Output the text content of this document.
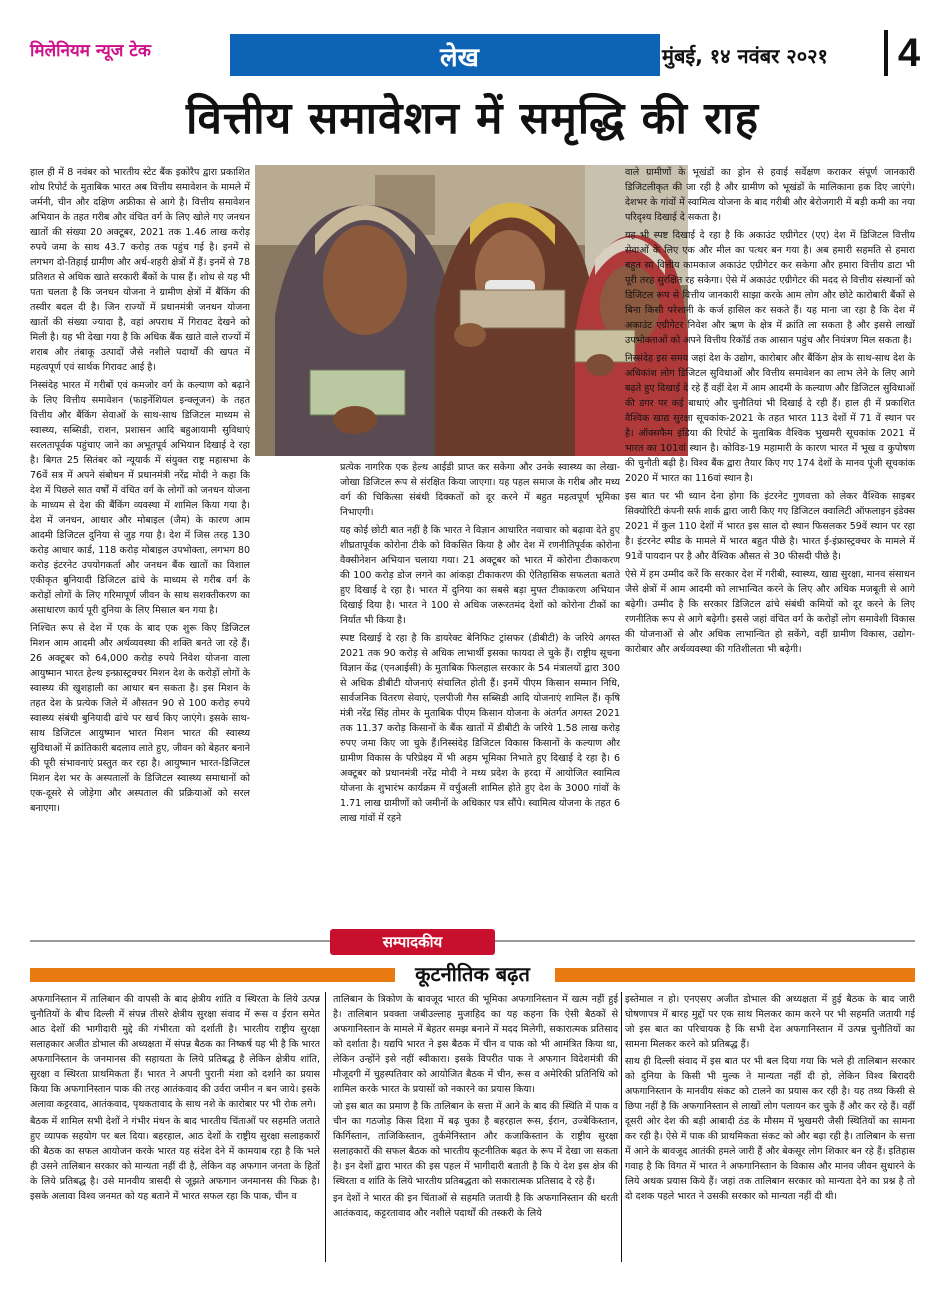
मिलेनियम न्यूज टेक	लेख	मुंबई, १४ नवंबर २०२१	4
वित्तीय समावेशन में समृद्धि की राह

हाल ही में 8 नवंबर को भारतीय स्टेट बैंक इकोरैप द्वारा प्रकाशित शोध रिपोर्ट के मुताबिक भारत अब वित्तीय समावेशन के मामले में जर्मनी, चीन और दक्षिण अफ्रीका से आगे है। वित्तीय समावेशन अभियान के तहत गरीब और वंचित वर्ग के लिए खोले गए जनधन खातों की संख्या 20 अक्टूबर, 2021 तक 1.46 लाख करोड़ रुपये जमा के साथ 43.7 करोड़ तक पहुंच गई है। इनमें से लगभग दो-तिहाई ग्रामीण और अर्ध-शहरी क्षेत्रों में हैं। इनमें से 78 प्रतिशत से अधिक खाते सरकारी बैंकों के पास हैं। शोध से यह भी पता चलता है कि जनधन योजना ने ग्रामीण क्षेत्रों में बैंकिंग की तस्वीर बदल दी है। जिन राज्यों में प्रधानमंत्री जनधन योजना खातों की संख्या ज्यादा है, वहां अपराध में गिरावट देखने को मिली है। यह भी देखा गया है कि अधिक बैंक खाते वाले राज्यों में शराब और तंबाकू उत्पादों जैसे नशीले पदार्थों की खपत में महत्वपूर्ण एवं सार्थक गिरावट आई है।

निस्संदेह भारत में गरीबों एवं कमजोर वर्ग के कल्याण को बढ़ाने के लिए वित्तीय समावेशन (फाइनेंशियल इन्क्लूजन) के तहत वित्तीय और बैंकिंग सेवाओं के साथ-साथ डिजिटल माध्यम से स्वास्थ्य, सब्सिडी, राशन, प्रशासन आदि बहुआयामी सुविधाएं सरलतापूर्वक पहुंचाए जाने का अभूतपूर्व अभियान दिखाई दे रहा है। बिगत 25 सितंबर को न्यूयार्क में संयुक्त राष्ट्र महासभा के 76वें सत्र में अपने संबोधन में प्रधानमंत्री नरेंद्र मोदी ने कहा कि देश में पिछले सात वर्षों में वंचित वर्ग के लोगों को जनधन योजना के माध्यम से देश की बैंकिंग व्यवस्था में शामिल किया गया है। देश में जनधन, आधार और मोबाइल (जैम) के कारण आम आदमी डिजिटल दुनिया से जुड़ गया है। देश में जिस तरह 130 करोड़ आधार कार्ड, 118 करोड़ मोबाइल उपभोक्ता, लगभग 80 करोड़ इंटरनेट उपयोगकर्ता और जनधन बैंक खातों का विशाल एकीकृत बुनियादी डिजिटल ढांचे के माध्यम से गरीब वर्ग के करोड़ों लोगों के लिए गरिमापूर्ण जीवन के साथ सशक्तीकरण का असाधारण कार्य पूरी दुनिया के लिए मिसाल बन गया है।

निश्चित रूप से देश में एक के बाद एक शुरू किए डिजिटल मिशन आम आदमी और अर्थव्यवस्था की शक्ति बनते जा रहे हैं। 26 अक्टूबर को 64,000 करोड़ रुपये निवेश योजना वाला आयुष्मान भारत हेल्थ इन्फ्रास्ट्रक्चर मिशन देश के करोड़ों लोगों के स्वास्थ्य की खुशहाली का आधार बन सकता है। इस मिशन के तहत देश के प्रत्येक जिले में औसतन 90 से 100 करोड़ रुपये स्वास्थ्य संबंधी बुनियादी ढांचे पर खर्च किए जाएंगे। इसके साथ-साथ डिजिटल आयुष्मान भारत मिशन भारत की स्वास्थ्य सुविधाओं में क्रांतिकारी बदलाव लाते हुए, जीवन को बेहतर बनाने की पूरी संभावनाएं प्रस्तुत कर रहा है। आयुष्मान भारत-डिजिटल मिशन देश भर के अस्पतालों के डिजिटल स्वास्थ्य समाधानों को एक-दूसरे से जोड़ेगा और अस्पताल की प्रक्रियाओं को सरल बनाएगा।

प्रत्येक नागरिक एक हेल्थ आईडी प्राप्त कर सकेगा और उनके स्वास्थ्य का लेखा-जोखा डिजिटल रूप से संरक्षित किया जाएगा। यह पहल समाज के गरीब और मध्य वर्ग की चिकित्सा संबंधी दिक्कतों को दूर करने में बहुत महत्वपूर्ण भूमिका निभाएगी।

यह कोई छोटी बात नहीं है कि भारत ने विज्ञान आधारित नवाचार को बढ़ावा देते हुए शीघ्रतापूर्वक कोरोना टीके को विकसित किया है और देश में रणनीतिपूर्वक कोरोना वैक्सीनेशन अभियान चलाया गया। 21 अक्टूबर को भारत में कोरोना टीकाकरण की 100 करोड़ डोज लगने का आंकड़ा टीकाकरण की ऐतिहासिक सफलता बताते हुए दिखाई दे रहा है। भारत में दुनिया का सबसे बड़ा मुफ्त टीकाकरण अभियान दिखाई दिया है। भारत ने 100 से अधिक जरूरतमंद देशों को कोरोना टीकों का निर्यात भी किया है।

स्पष्ट दिखाई दे रहा है कि डायरेक्ट बेनिफिट ट्रांसफर (डीबीटी) के जरिये अगस्त 2021 तक 90 करोड़ से अधिक लाभार्थी इसका फायदा ले चुके हैं। राष्ट्रीय सूचना विज्ञान केंद्र (एनआईसी) के मुताबिक फिलहाल सरकार के 54 मंत्रालयों द्वारा 300 से अधिक डीबीटी योजनाएं संचालित होती हैं। इनमें पीएम किसान सम्मान निधि, सार्वजनिक वितरण सेवाएं, एलपीजी गैस सब्सिडी आदि योजनाएं शामिल हैं। कृषि मंत्री नरेंद्र सिंह तोमर के मुताबिक पीएम किसान योजना के अंतर्गत अगस्त 2021 तक 11.37 करोड़ किसानों के बैंक खातों में डीबीटी के जरिये 1.58 लाख करोड़ रुपए जमा किए जा चुके हैं।निस्संदेह डिजिटल विकास किसानों के कल्याण और ग्रामीण विकास के परिप्रेक्ष्य में भी अहम भूमिका निभाते हुए दिखाई दे रहा है। 6 अक्टूबर को प्रधानमंत्री नरेंद्र मोदी ने मध्य प्रदेश के हरदा में आयोजित स्वामित्व योजना के शुभारंभ कार्यक्रम में वर्चुअली शामिल होते हुए देश के 3000 गांवों के 1.71 लाख ग्रामीणों को जमीनों के अधिकार पत्र सौंपे। स्वामित्व योजना के तहत 6 लाख गांवों में रहने

वाले ग्रामीणों के भूखंडों का ड्रोन से हवाई सर्वेक्षण कराकर संपूर्ण जानकारी डिजिटलीकृत की जा रही है और ग्रामीण को भूखंडों के मालिकाना हक दिए जाएंगे। देशभर के गांवों में स्वामित्व योजना के बाद गरीबी और बेरोजगारी में बड़ी कमी का नया परिदृश्य दिखाई दे सकता है।

यह भी स्पष्ट दिखाई दे रहा है कि अकाउंट एग्रीगेटर (एए) देश में डिजिटल वित्तीय सेवाओं के लिए एक और मील का पत्थर बन गया है। अब हमारी सहमति से हमारा बहुत सा वित्तीय कामकाज अकाउंट एग्रीगेटर कर सकेगा और हमारा वित्तीय डाटा भी पूरी तरह सुरक्षित रह सकेगा। ऐसे में अकाउंट एग्रीगेटर की मदद से वित्तीय संस्थानों को डिजिटल रूप से वित्तीय जानकारी साझा करके आम लोग और छोटे कारोबारी बैंकों से बिना किसी परेशानी के कर्ज हासिल कर सकते हैं। यह माना जा रहा है कि देश में अकाउंट एग्रीगेटर निवेश और ऋण के क्षेत्र में क्रांति ला सकता है और इससे लाखों उपभोक्ताओं को अपने वित्तीय रिकॉर्ड तक आसान पहुंच और नियंत्रण मिल सकता है।

निस्संदेह इस समय जहां देश के उद्योग, कारोबार और बैंकिंग क्षेत्र के साथ-साथ देश के अधिकांश लोग डिजिटल सुविधाओं और वित्तीय समावेशन का लाभ लेने के लिए आगे बढ़ते हुए दिखाई दे रहे हैं वहीं देश में आम आदमी के कल्याण और डिजिटल सुविधाओं की डगर पर कई बाधाएं और चुनौतियां भी दिखाई दे रही हैं। हाल ही में प्रकाशित वैश्विक खाद्य सुरक्षा सूचकांक-2021 के तहत भारत 113 देशों में 71 वें स्थान पर है। ऑक्सफैम इंडिया की रिपोर्ट के मुताबिक वैश्विक भुखमरी सूचकांक 2021 में भारत का 101वां स्थान है। कोविड-19 महामारी के कारण भारत में भूख व कुपोषण की चुनौती बढ़ी है। विश्व बैंक द्वारा तैयार किए गए 174 देशों के मानव पूंजी सूचकांक 2020 में भारत का 116वां स्थान है।

इस बात पर भी ध्यान देना होगा कि इंटरनेट गुणवत्ता को लेकर वैश्विक साइबर सिक्योरिटी कंपनी सर्फ शार्क द्वारा जारी किए गए डिजिटल क्वालिटी ऑफलाइन इंडेक्स 2021 में कुल 110 देशों में भारत इस साल दो स्थान फिसलकर 59वें स्थान पर रहा है। इंटरनेट स्पीड के मामले में भारत बहुत पीछे है। भारत ई-इंफ्रास्ट्रक्चर के मामले में 91वें पायदान पर है और वैश्विक औसत से 30 फीसदी पीछे है।

ऐसे में हम उम्मीद करें कि सरकार देश में गरीबी, स्वास्थ्य, खाद्य सुरक्षा, मानव संसाधन जैसे क्षेत्रों में आम आदमी को लाभान्वित करने के लिए और अधिक मजबूती से आगे बढ़ेगी। उम्मीद है कि सरकार डिजिटल ढांचे संबंधी कमियों को दूर करने के लिए रणनीतिक रूप से आगे बढ़ेगी। इससे जहां वंचित वर्ग के करोड़ों लोग समावेशी विकास की योजनाओं से और अधिक लाभान्वित हो सकेंगे, वहीं ग्रामीण विकास, उद्योग-कारोबार और अर्थव्यवस्था की गतिशीलता भी बढ़ेगी।

सम्पादकीय
कूटनीतिक बढ़त

अफगानिस्तान में तालिबान की वापसी के बाद क्षेत्रीय शांति व स्थिरता के लिये उत्पन्न चुनौतियों के बीच दिल्ली में संपन्न तीसरे क्षेत्रीय सुरक्षा संवाद में रूस व ईरान समेत आठ देशों की भागीदारी मुद्दे की गंभीरता को दर्शाती है। भारतीय राष्ट्रीय सुरक्षा सलाहकार अजीत डोभाल की अध्यक्षता में संपन्न बैठक का निष्कर्ष यह भी है कि भारत अफगानिस्तान के जनमानस की सहायता के लिये प्रतिबद्ध है लेकिन क्षेत्रीय शांति, सुरक्षा व स्थिरता प्राथमिकता हैं। भारत ने अपनी पुरानी मंशा को दर्शाने का प्रयास किया कि अफगानिस्तान पाक की तरह आतंकवाद की उर्वरा जमीन न बन जाये। इसके अलावा कट्टरवाद, आतंकवाद, पृथकतावाद के साथ नशे के कारोबार पर भी रोक लगे।

बैठक में शामिल सभी देशों ने गंभीर मंथन के बाद भारतीय चिंताओं पर सहमति जताते हुए व्यापक सहयोग पर बल दिया। बहरहाल, आठ देशों के राष्ट्रीय सुरक्षा सलाहकारों की बैठक का सफल आयोजन करके भारत यह संदेश देने में कामयाब रहा है कि भले ही उसने तालिबान सरकार को मान्यता नहीं दी है, लेकिन वह अफगान जनता के हितों के लिये प्रतिबद्ध है। उसे मानवीय त्रासदी से जूझते अफगान जनमानस की फिक्र है। इसके अलावा विश्व जनमत को यह बताने में भारत सफल रहा कि पाक, चीन व

तालिबान के त्रिकोण के बावजूद भारत की भूमिका अफगानिस्तान में खत्म नहीं हुई है। तालिबान प्रवक्ता जबीउल्लाह मुजाहिद का यह कहना कि ऐसी बैठकों से अफगानिस्तान के मामले में बेहतर समझ बनाने में मदद मिलेगी, सकारात्मक प्रतिसाद को दर्शाता है। यद्यपि भारत ने इस बैठक में चीन व पाक को भी आमंत्रित किया था, लेकिन उन्होंने इसे नहीं स्वीकारा। इसके विपरीत पाक ने अफगान विदेशमंत्री की मौजूदगी में चुहस्पतिवार को आयोजित बैठक में चीन, रूस व अमेरिकी प्रतिनिधि को शामिल करके भारत के प्रयासों को नकारने का प्रयास किया।

जो इस बात का प्रमाण है कि तालिबान के सत्ता में आने के बाद की स्थिति में पाक व चीन का गठजोड़ किस दिशा में बढ़ चुका है बहरहाल रूस, ईरान, उज्बेकिस्तान, किर्गिस्तान, ताजिकिस्तान, तुर्कमेनिस्तान और कजाकिस्तान के राष्ट्रीय सुरक्षा सलाहकारों की सफल बैठक को भारतीय कूटनीतिक बढ़त के रूप में देखा जा सकता है। इन देशों द्वारा भारत की इस पहल में भागीदारी बताती है कि ये देश इस क्षेत्र की स्थिरता व शांति के लिये भारतीय प्रतिबद्धता को सकारात्मक प्रतिसाद दे रहे हैं।

इन देशों ने भारत की इन चिंताओं से सहमति जतायी है कि अफगानिस्तान की धरती आतंकवाद, कट्टरतावाद और नशीले पदार्थों की तस्करी के लिये

इस्तेमाल न हो। एनएसए अजीत डोभाल की अध्यक्षता में हुई बैठक के बाद जारी घोषणापत्र में बारह मुद्दों पर एक साथ मिलकर काम करने पर भी सहमति जतायी गई जो इस बात का परिचायक है कि सभी देश अफगानिस्तान में उत्पन्न चुनौतियों का सामना मिलकर करने को प्रतिबद्ध हैं।

साथ ही दिल्ली संवाद में इस बात पर भी बल दिया गया कि भले ही तालिबान सरकार को दुनिया के किसी भी मुल्क ने मान्यता नहीं दी हो, लेकिन विश्व बिरादरी अफगानिस्तान के मानवीय संकट को टालने का प्रयास कर रही है। यह तथ्य किसी से छिपा नहीं है कि अफगानिस्तान से लाखों लोग पलायन कर चुके हैं और कर रहे हैं। वहीं दूसरी ओर देश की बड़ी आबादी ठंड के मौसम में भुखमरी जैसी स्थितियों का सामना कर रही है। ऐसे में पाक की प्राथमिकता संकट को और बढ़ा रही है। तालिबान के सत्ता में आने के बावजूद आतंकी हमले जारी हैं और बेकसूर लोग शिकार बन रहे हैं। इतिहास गवाह है कि विगत में भारत ने अफगानिस्तान के विकास और मानव जीवन सुधारने के लिये अथक प्रयास किये हैं। जहां तक तालिबान सरकार को मान्यता देने का प्रश्न है तो दो दशक पहले भारत ने उसकी सरकार को मान्यता नहीं दी थी।
